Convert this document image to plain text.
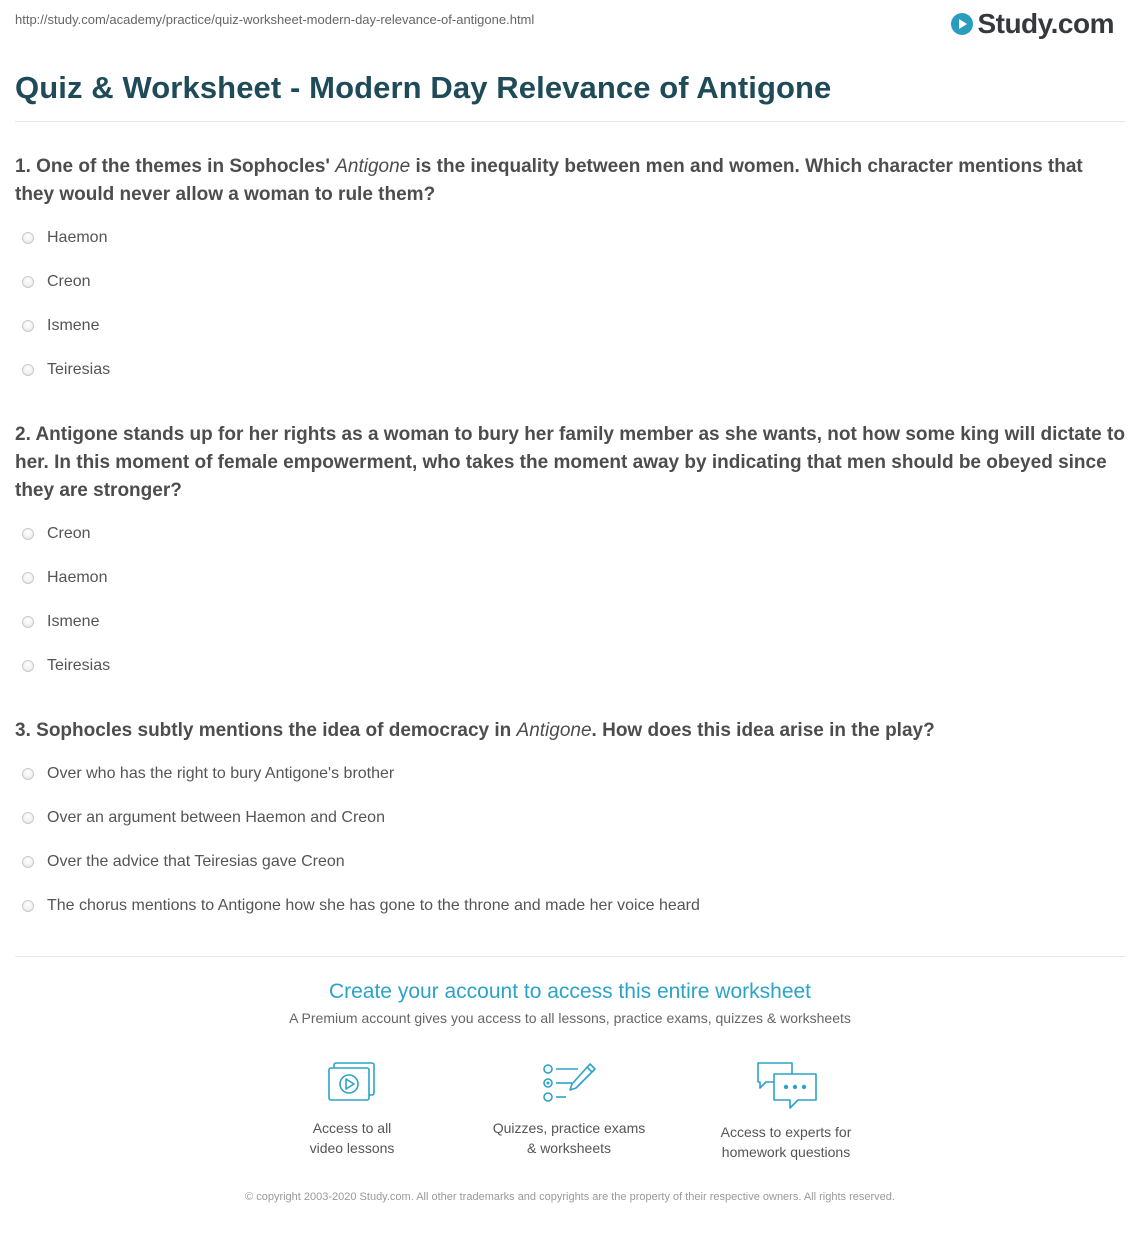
http://study.com/academy/practice/quiz-worksheet-modern-day-relevance-of-antigone.html	Study.com
Quiz & Worksheet - Modern Day Relevance of Antigone
1. One of the themes in Sophocles' Antigone is the inequality between men and women. Which character mentions that they would never allow a woman to rule them?
Haemon
Creon
Ismene
Teiresias
2. Antigone stands up for her rights as a woman to bury her family member as she wants, not how some king will dictate to her. In this moment of female empowerment, who takes the moment away by indicating that men should be obeyed since they are stronger?
Creon
Haemon
Ismene
Teiresias
3. Sophocles subtly mentions the idea of democracy in Antigone. How does this idea arise in the play?
Over who has the right to bury Antigone's brother
Over an argument between Haemon and Creon
Over the advice that Teiresias gave Creon
The chorus mentions to Antigone how she has gone to the throne and made her voice heard
Create your account to access this entire worksheet
A Premium account gives you access to all lessons, practice exams, quizzes & worksheets
Access to all
video lessons
Quizzes, practice exams
& worksheets
Access to experts for
homework questions
© copyright 2003-2020 Study.com. All other trademarks and copyrights are the property of their respective owners. All rights reserved.
